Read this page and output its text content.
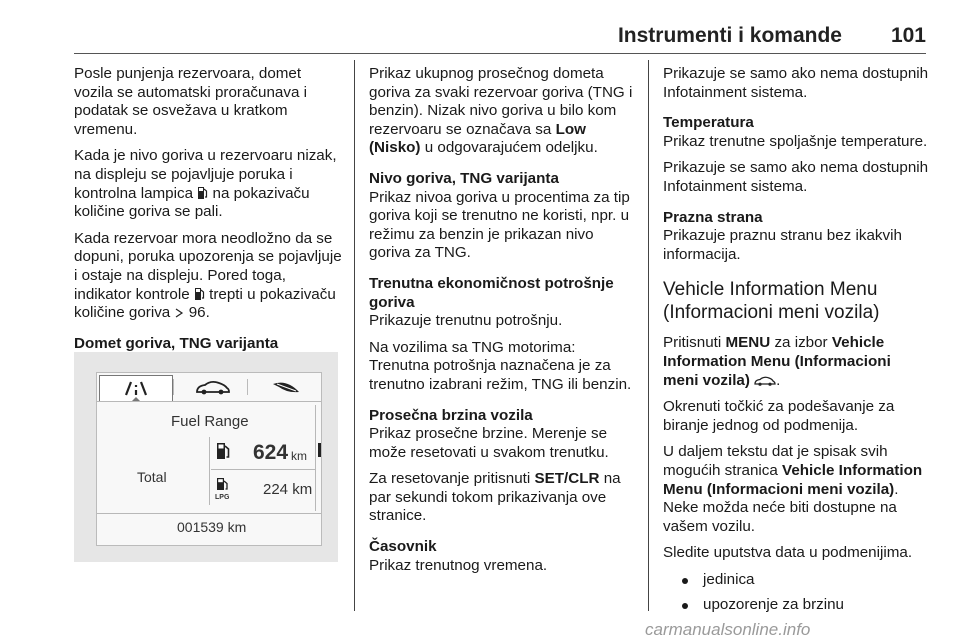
Instrumenti i komande 101

Posle punjenja rezervoara, domet vozila se automatski proračunava i podatak se osvežava u kratkom vremenu.

Kada je nivo goriva u rezervoaru nizak, na displeju se pojavljuje poruka i kontrolna lampica na pokazivaču količine goriva se pali.

Kada rezervoar mora neodložno da se dopuni, poruka upozorenja se pojavljuje i ostaje na displeju. Pored toga, indikator kontrole trepti u pokazivaču količine goriva 96.

Domet goriva, TNG varijanta

Fuel Range
Total
624 km
LPG 224 km
001539 km

Prikaz ukupnog prosečnog dometa goriva za svaki rezervoar goriva (TNG i benzin). Nizak nivo goriva u bilo kom rezervoaru se označava sa Low (Nisko) u odgovarajućem odeljku.

Nivo goriva, TNG varijanta

Prikaz nivoa goriva u procentima za tip goriva koji se trenutno ne koristi, npr. u režimu za benzin je prikazan nivo goriva za TNG.

Trenutna ekonomičnost potrošnje goriva

Prikazuje trenutnu potrošnju.

Na vozilima sa TNG motorima: Trenutna potrošnja naznačena je za trenutno izabrani režim, TNG ili benzin.

Prosečna brzina vozila

Prikaz prosečne brzine. Merenje se može resetovati u svakom trenutku.

Za resetovanje pritisnuti SET/CLR na par sekundi tokom prikazivanja ove stranice.

Časovnik

Prikaz trenutnog vremena.

Prikazuje se samo ako nema dostupnih Infotainment sistema.

Temperatura

Prikaz trenutne spoljašnje temperature.

Prikazuje se samo ako nema dostupnih Infotainment sistema.

Prazna strana

Prikazuje praznu stranu bez ikakvih informacija.

Vehicle Information Menu (Informacioni meni vozila)

Pritisnuti MENU za izbor Vehicle Information Menu (Informacioni meni vozila) .

Okrenuti točkić za podešavanje za biranje jednog od podmenija.

U daljem tekstu dat je spisak svih mogućih stranica Vehicle Information Menu (Informacioni meni vozila). Neke možda neće biti dostupne na vašem vozilu.

Sledite uputstva data u podmenijima.

jedinica
upozorenje za brzinu
carmanualsonline.info
